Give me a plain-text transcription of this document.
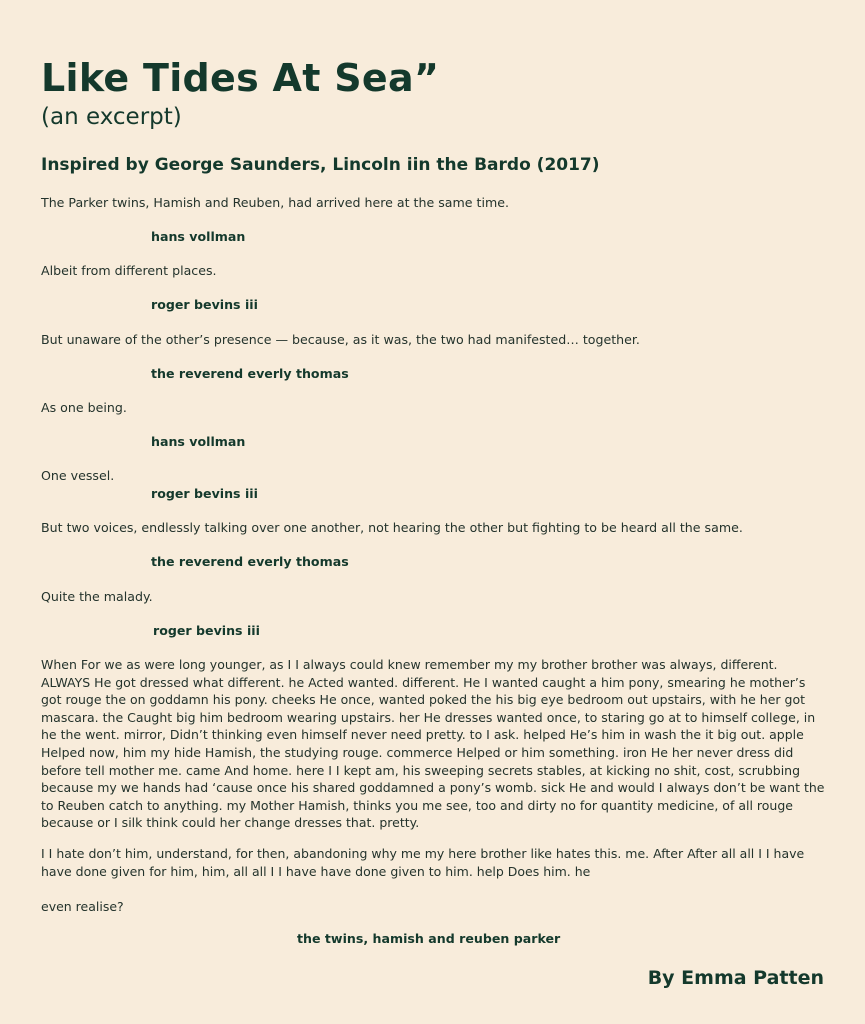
Like Tides At Sea”
(an excerpt)
Inspired by George Saunders, Lincoln iin the Bardo (2017)
The Parker twins, Hamish and Reuben, had arrived here at the same time.
hans vollman
Albeit from different places.
roger bevins iii
But unaware of the other’s presence — because, as it was, the two had manifested… together.
the reverend everly thomas
As one being.
hans vollman
One vessel.
roger bevins iii
But two voices, endlessly talking over one another, not hearing the other but fighting to be heard all the same.
the reverend everly thomas
Quite the malady.
roger bevins iii

When For we as were long younger, as I I always could knew remember my my brother brother was always, different. ALWAYS He got dressed what different. he Acted wanted. different. He I wanted caught a him pony, smearing he mother’s got rouge the on goddamn his pony. cheeks He once, wanted poked the his big eye bedroom out upstairs, with he her got mascara. the Caught big him bedroom wearing upstairs. her He dresses wanted once, to staring go at to himself college, in he the went. mirror, Didn’t thinking even himself never need pretty. to I ask. helped He’s him in wash the it big out. apple Helped now, him my hide Hamish, the studying rouge. commerce Helped or him something. iron He her never dress did before tell mother me. came And home. here I I kept am, his sweeping secrets stables, at kicking no shit, cost, scrubbing because my we hands had ‘cause once his shared goddamned a pony’s womb. sick He and would I always don’t be want the to Reuben catch to anything. my Mother Hamish, thinks you me see, too and dirty no for quantity medicine, of all rouge because or I silk think could her change dresses that. pretty.

I I hate don’t him, understand, for then, abandoning why me my here brother like hates this. me. After After all all I I have have done given for him, him, all all I I have have done given to him. help Does him. he

even realise?

the twins, hamish and reuben parker
By Emma Patten
